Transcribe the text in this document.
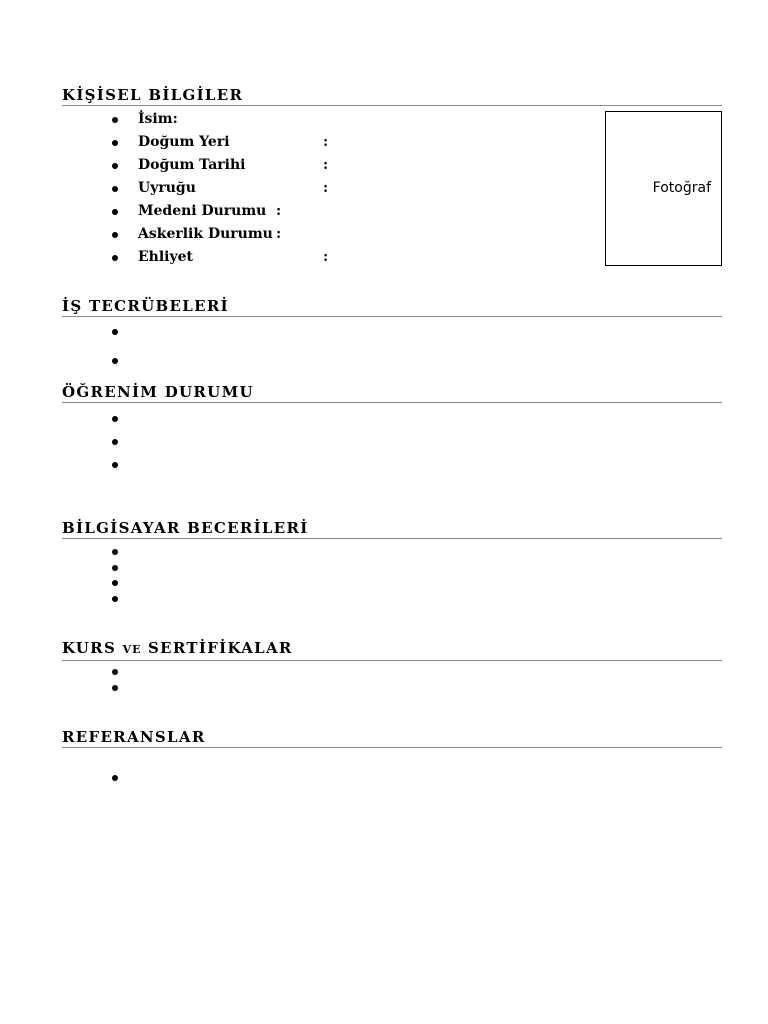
KİŞİSEL BİLGİLER
İsim:
Doğum Yeri	:
Doğum Tarihi	:
Uyruğu	:
Medeni Durumu :
Askerlik Durumu :
Ehliyet	:
Fotoğraf
İŞ TECRÜBELERİ
ÖĞRENİM DURUMU
BİLGİSAYAR BECERİLERİ
KURS VE SERTİFİKALAR
REFERANSLAR
